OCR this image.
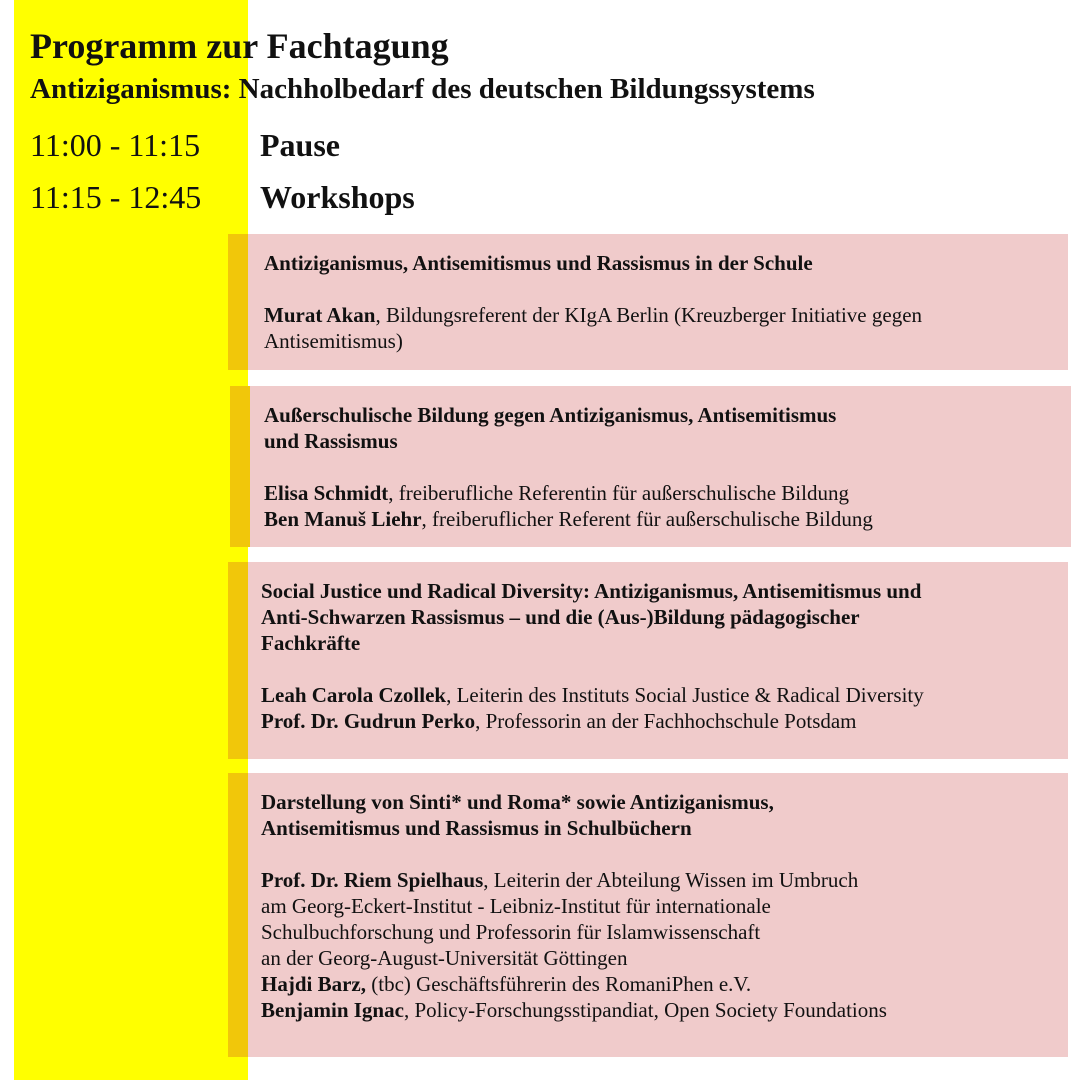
Programm zur Fachtagung
Antiziganismus: Nachholbedarf des deutschen Bildungssystems
11:00 - 11:15 Pause
11:15 - 12:45 Workshops
Antiziganismus, Antisemitismus und Rassismus in der Schule
Murat Akan, Bildungsreferent der KIgA Berlin (Kreuzberger Initiative gegen
Antisemitismus)
Außerschulische Bildung gegen Antiziganismus, Antisemitismus
und Rassismus
Elisa Schmidt, freiberufliche Referentin für außerschulische Bildung
Ben Manuš Liehr, freiberuflicher Referent für außerschulische Bildung
Social Justice und Radical Diversity: Antiziganismus, Antisemitismus und
Anti-Schwarzen Rassismus – und die (Aus-)Bildung pädagogischer
Fachkräfte
Leah Carola Czollek, Leiterin des Instituts Social Justice & Radical Diversity
Prof. Dr. Gudrun Perko, Professorin an der Fachhochschule Potsdam
Darstellung von Sinti* und Roma* sowie Antiziganismus,
Antisemitismus und Rassismus in Schulbüchern
Prof. Dr. Riem Spielhaus, Leiterin der Abteilung Wissen im Umbruch
am Georg-Eckert-Institut - Leibniz-Institut für internationale
Schulbuchforschung und Professorin für Islamwissenschaft
an der Georg-August-Universität Göttingen
Hajdi Barz, (tbc) Geschäftsführerin des RomaniPhen e.V.
Benjamin Ignac, Policy-Forschungsstipandiat, Open Society Foundations
